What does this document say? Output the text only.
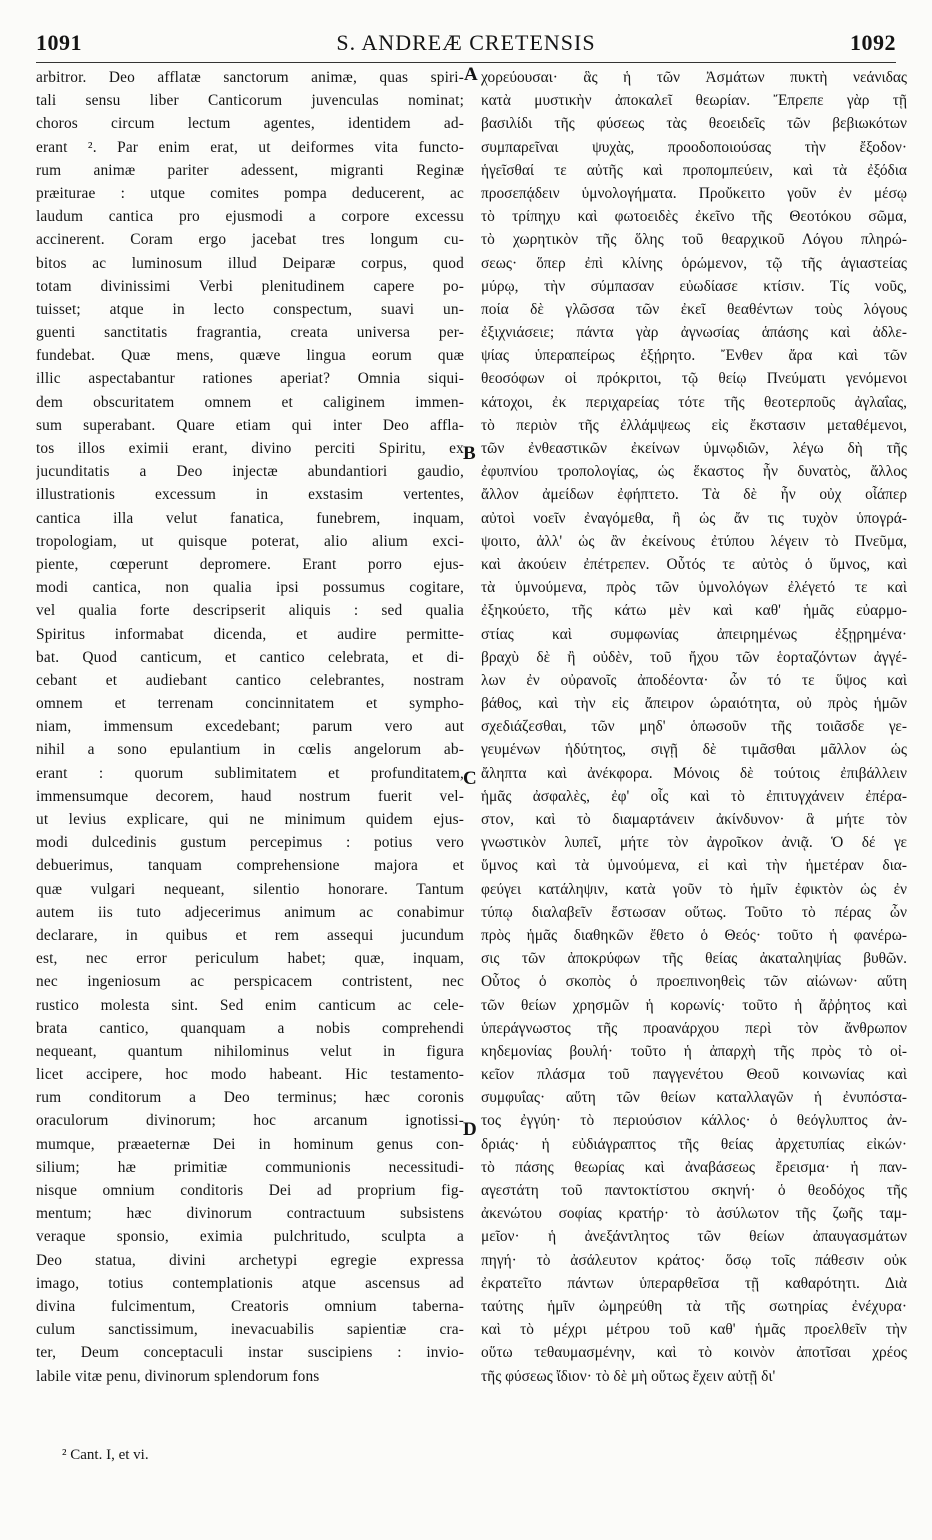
1091	S. ANDREÆ CRETENSIS	1092
arbitror. Deo afflatæ sanctorum animæ, quas spiri-
tali sensu liber Canticorum juvenculas nominat;
choros circum lectum agentes, identidem ad-
erant ². Par enim erat, ut deiformes vita functo-
rum animæ pariter adessent, migranti Reginæ
præiturae : utque comites pompa deducerent, ac
laudum cantica pro ejusmodi a corpore excessu
accinerent. Coram ergo jacebat tres longum cu-
bitos ac luminosum illud Deiparæ corpus, quod
totam divinissimi Verbi plenitudinem capere po-
tuisset; atque in lecto conspectum, suavi un-
guenti sanctitatis fragrantia, creata universa per-
fundebat. Quæ mens, quæve lingua eorum quæ
illic aspectabantur rationes aperiat? Omnia siqui-
dem obscuritatem omnem et caliginem immen-
sum superabant. Quare etiam qui inter Deo affla-
tos illos eximii erant, divino perciti Spiritu, ex
jucunditatis a Deo injectæ abundantiori gaudio,
illustrationis excessum in exstasim vertentes,
cantica illa velut fanatica, funebrem, inquam,
tropologiam, ut quisque poterat, alio alium exci-
piente, cœperunt depromere. Erant porro ejus-
modi cantica, non qualia ipsi possumus cogitare,
vel qualia forte descripserit aliquis : sed qualia
Spiritus informabat dicenda, et audire permitte-
bat. Quod canticum, et cantico celebrata, et di-
cebant et audiebant cantico celebrantes, nostram
omnem et terrenam concinnitatem et sympho-
niam, immensum excedebant; parum vero aut
nihil a sono epulantium in cœlis angelorum ab-
erant : quorum sublimitatem et profunditatem,
immensumque decorem, haud nostrum fuerit vel-
ut levius explicare, qui ne minimum quidem ejus-
modi dulcedinis gustum percepimus : potius vero
debuerimus, tanquam comprehensione majora et
quæ vulgari nequeant, silentio honorare. Tantum
autem iis tuto adjecerimus animum ac conabimur
declarare, in quibus et rem assequi jucundum
est, nec error periculum habet; quæ, inquam,
nec ingeniosum ac perspicacem contristent, nec
rustico molesta sint. Sed enim canticum ac cele-
brata cantico, quanquam a nobis comprehendi
nequeant, quantum nihilominus velut in figura
licet accipere, hoc modo habeant. Hic testamento-
rum conditorum a Deo terminus; hæc coronis
oraculorum divinorum; hoc arcanum ignotissi-
mumque, præaeternæ Dei in hominum genus con-
silium; hæ primitiæ communionis necessitudi-
nisque omnium conditoris Dei ad proprium fig-
mentum; hæc divinorum contractuum subsistens
veraque sponsio, eximia pulchritudo, sculpta a
Deo statua, divini archetypi egregie expressa
imago, totius contemplationis atque ascensus ad
divina fulcimentum, Creatoris omnium taberna-
culum sanctissimum, inevacuabilis sapientiæ cra-
ter, Deum conceptaculi instar suscipiens : inviо-
labile vitæ penu, divinorum splendorum fons
χορεύουσαι· ἃς ἡ τῶν Ἀσμάτων πυκτὴ νεάνιδας
κατὰ μυστικὴν ἀποκαλεῖ θεωρίαν. Ἔπρεπε γὰρ τῇ
βασιλίδι τῆς φύσεως τὰς θεοειδεῖς τῶν βεβιωκότων
συμπαρεῖναι ψυχὰς, προοδοποιούσας τὴν ἔξοδον·
ἡγεῖσθαί τε αὐτῆς καὶ προπομπεύειν, καὶ τὰ ἐξόδια
προσεπᾴδειν ὑμνολογήματα. Προὔκειτο γοῦν ἐν μέσῳ
τὸ τρίπηχυ καὶ φωτοειδὲς ἐκεῖνο τῆς Θεοτόκου σῶμα,
τὸ χωρητικὸν τῆς ὅλης τοῦ θεαρχικοῦ Λόγου πληρώ-
σεως· ὅπερ ἐπὶ κλίνης ὁρώμενον, τῷ τῆς ἁγιαστείας
μύρῳ, τὴν σύμπασαν εὐωδίασε κτίσιν. Τίς νοῦς,
ποία δὲ γλῶσσα τῶν ἐκεῖ θεαθέντων τοὺς λόγους
ἐξιχνιάσειε; πάντα γὰρ ἀγνωσίας ἁπάσης καὶ ἀδλε-
ψίας ὑπεραπείρως ἐξῄρητο. Ἔνθεν ἄρα καὶ τῶν
θεοσόφων οἱ πρόκριτοι, τῷ θείῳ Πνεύματι γενόμενοι
κάτοχοι, ἐκ περιχαρείας τότε τῆς θεοτερποῦς ἀγλαΐας,
τὸ περιὸν τῆς ἐλλάμψεως εἰς ἔκστασιν μεταθέμενοι,
τῶν ἐνθεαστικῶν ἐκείνων ὑμνῳδιῶν, λέγω δὴ τῆς
ἐφυπνίου τροπολογίας, ὡς ἕκαστος ἦν δυνατὸς, ἄλλος
ἄλλον ἀμείδων ἐφήπτετο. Τὰ δὲ ἦν οὐχ οἷάπερ
αὐτοὶ νοεῖν ἐναγόμεθα, ἢ ὡς ἄν τις τυχὸν ὑπογρά-
ψοιτο, ἀλλ' ὡς ἂν ἐκείνους ἐτύπου λέγειν τὸ Πνεῦμα,
καὶ ἀκούειν ἐπέτρεπεν. Οὗτός τε αὐτὸς ὁ ὕμνος, καὶ
τὰ ὑμνούμενα, πρὸς τῶν ὑμνολόγων ἐλέγετό τε καὶ
ἐξηκούετο, τῆς κάτω μὲν καὶ καθ' ἡμᾶς εὐαρμο-
στίας καὶ συμφωνίας ἀπειρημένως ἐξῃρημένα·
βραχὺ δὲ ἢ οὐδὲν, τοῦ ἤχου τῶν ἑορταζόντων ἀγγέ-
λων ἐν οὐρανοῖς ἀποδέοντα· ὧν τό τε ὕψος καὶ
βάθος, καὶ τὴν εἰς ἄπειρον ὡραιότητα, οὐ πρὸς ἡμῶν
σχεδιάζεσθαι, τῶν μηδ' ὁπωσοῦν τῆς τοιᾶσδε γε-
γευμένων ἡδύτητος, σιγῇ δὲ τιμᾶσθαι μᾶλλον ὡς
ἄληπτα καὶ ἀνέκφορα. Μόνοις δὲ τούτοις ἐπιβάλλειν
ἡμᾶς ἀσφαλὲς, ἐφ' οἷς καὶ τὸ ἐπιτυγχάνειν ἐπέρα-
στον, καὶ τὸ διαμαρτάνειν ἀκίνδυνον· ἃ μήτε τὸν
γνωστικὸν λυπεῖ, μήτε τὸν ἀγροῖκον ἀνιᾷ. Ὁ δέ γε
ὕμνος καὶ τὰ ὑμνούμενα, εἰ καὶ τὴν ἡμετέραν δια-
φεύγει κατάληψιν, κατὰ γοῦν τὸ ἡμῖν ἐφικτὸν ὡς ἐν
τύπῳ διαλαβεῖν ἔστωσαν οὕτως. Τοῦτο τὸ πέρας ὧν
πρὸς ἡμᾶς διαθηκῶν ἔθετο ὁ Θεός· τοῦτο ἡ φανέρω-
σις τῶν ἀποκρύφων τῆς θείας ἀκαταληψίας βυθῶν.
Οὗτος ὁ σκοπὸς ὁ προεπινοηθεὶς τῶν αἰώνων· αὕτη
τῶν θείων χρησμῶν ἡ κορωνίς· τοῦτο ἡ ἄῤῥητος καὶ
ὑπεράγνωστος τῆς προανάρχου περὶ τὸν ἄνθρωπον
κηδεμονίας βουλή· τοῦτο ἡ ἀπαρχὴ τῆς πρὸς τὸ οἰ-
κεῖον πλάσμα τοῦ παγγενέτου Θεοῦ κοινωνίας καὶ
συμφυΐας· αὕτη τῶν θείων καταλλαγῶν ἡ ἐνυπόστα-
τος ἐγγύη· τὸ περιούσιον κάλλος· ὁ θεόγλυπτος ἀν-
δριάς· ἡ εὐδιάγραπτος τῆς θείας ἀρχετυπίας εἰκών·
τὸ πάσης θεωρίας καὶ ἀναβάσεως ἔρεισμα· ἡ παν-
αγεστάτη τοῦ παντοκτίστου σκηνή· ὁ θεοδόχος τῆς
ἀκενώτου σοφίας κρατήρ· τὸ ἀσύλωτον τῆς ζωῆς ταμ-
μεῖον· ἡ ἀνεξάντλητος τῶν θείων ἀπαυγασμάτων
πηγή· τὸ ἀσάλευτον κράτος· ὅσῳ τοῖς πάθεσιν οὐκ
ἐκρατεῖτο πάντων ὑπεραρθεῖσα τῇ καθαρότητι. Διὰ
ταύτης ἡμῖν ὠμηρεύθη τὰ τῆς σωτηρίας ἐνέχυρα·
καὶ τὸ μέχρι μέτρου τοῦ καθ' ἡμᾶς προελθεῖν τὴν
οὕτω τεθαυμασμένην, καὶ τὸ κοινὸν ἀποτῖσαι χρέος
τῆς φύσεως ἴδιον· τὸ δὲ μὴ οὕτως ἔχειν αὐτῇ δι'
A
B
C
D
² Cant. I, et vi.
